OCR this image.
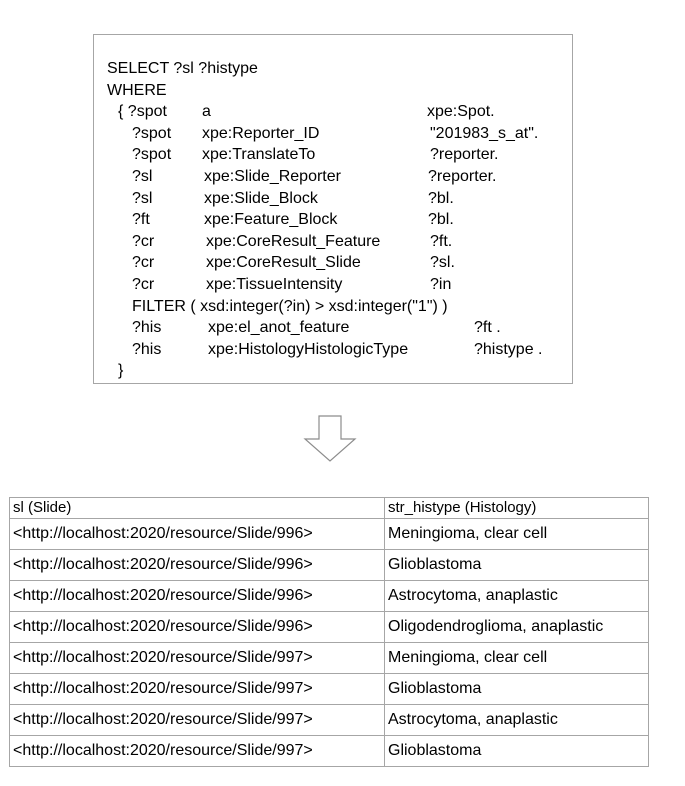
SELECT ?sl ?histype
WHERE
{ ?spot a	xpe:Spot.
?spot xpe:Reporter_ID	"201983_s_at".
?spot xpe:TranslateTo	?reporter.
?sl	xpe:Slide_Reporter	?reporter.
?sl	xpe:Slide_Block	?bl.
?ft	xpe:Feature_Block	?bl.
?cr	xpe:CoreResult_Feature	?ft.
?cr	xpe:CoreResult_Slide	?sl.
?cr	xpe:TissueIntensity	?in
FILTER ( xsd:integer(?in) > xsd:integer("1") )
?his	xpe:el_anot_feature	?ft .
?his	xpe:HistologyHistologicType	?histype .
}
sl (Slide)	str_histype (Histology)
<http://localhost:2020/resource/Slide/996>	Meningioma, clear cell
<http://localhost:2020/resource/Slide/996>	Glioblastoma
<http://localhost:2020/resource/Slide/996>	Astrocytoma, anaplastic
<http://localhost:2020/resource/Slide/996>	Oligodendroglioma, anaplastic
<http://localhost:2020/resource/Slide/997>	Meningioma, clear cell
<http://localhost:2020/resource/Slide/997>	Glioblastoma
<http://localhost:2020/resource/Slide/997>	Astrocytoma, anaplastic
<http://localhost:2020/resource/Slide/997>	Glioblastoma
